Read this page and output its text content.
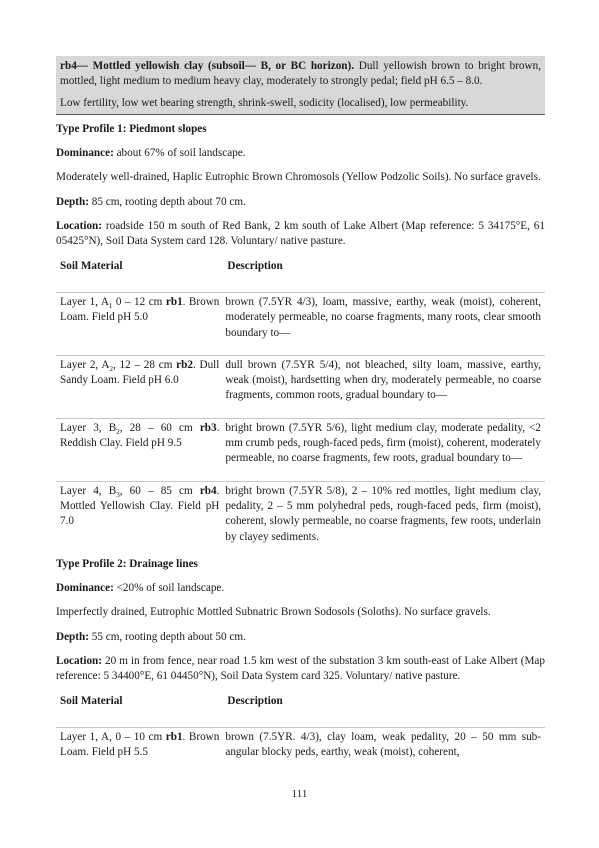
rb4— Mottled yellowish clay (subsoil— B, or BC horizon). Dull yellowish brown to bright brown, mottled, light medium to medium heavy clay, moderately to strongly pedal; field pH 6.5 – 8.0.

Low fertility, low wet bearing strength, shrink-swell, sodicity (localised), low permeability.

Type Profile 1: Piedmont slopes

Dominance: about 67% of soil landscape.

Moderately well-drained, Haplic Eutrophic Brown Chromosols (Yellow Podzolic Soils). No surface gravels.

Depth: 85 cm, rooting depth about 70 cm.

Location: roadside 150 m south of Red Bank, 2 km south of Lake Albert (Map reference: 5 34175°E, 61 05425°N), Soil Data System card 128. Voluntary/ native pasture.

Soil Material	Description
Layer 1, $A_1$ 0 – 12 cm rb1. Brown Loam. Field pH 5.0	brown (7.5YR 4/3), loam, massive, earthy, weak (moist), coherent, moderately permeable, no coarse fragments, many roots, clear smooth boundary to—
Layer 2, $A_2$, 12 – 28 cm rb2. Dull Sandy Loam. Field pH 6.0	dull brown (7.5YR 5/4), not bleached, silty loam, massive, earthy, weak (moist), hardsetting when dry, moderately permeable, no coarse fragments, common roots, gradual boundary to—
Layer 3, $B_2$, 28 – 60 cm rb3. Reddish Clay. Field pH 9.5	bright brown (7.5YR 5/6), light medium clay, moderate pedality, <2 mm crumb peds, rough-faced peds, firm (moist), coherent, moderately permeable, no coarse fragments, few roots, gradual boundary to—
Layer 4, $B_3$, 60 – 85 cm rb4. Mottled Yellowish Clay. Field pH 7.0	bright brown (7.5YR 5/8), 2 – 10% red mottles, light medium clay, pedality, 2 – 5 mm polyhedral peds, rough-faced peds, firm (moist), coherent, slowly permeable, no coarse fragments, few roots, underlain by clayey sediments.

Type Profile 2: Drainage lines

Dominance: <20% of soil landscape.

Imperfectly drained, Eutrophic Mottled Subnatric Brown Sodosols (Soloths). No surface gravels.

Depth: 55 cm, rooting depth about 50 cm.

Location: 20 m in from fence, near road 1.5 km west of the substation 3 km south-east of Lake Albert (Map reference: 5 34400°E, 61 04450°N), Soil Data System card 325. Voluntary/ native pasture.

Soil Material	Description
Layer 1, A, 0 – 10 cm rb1. Brown Loam. Field pH 5.5	brown (7.5YR. 4/3), clay loam, weak pedality, 20 – 50 mm sub-angular blocky peds, earthy, weak (moist), coherent,
111
